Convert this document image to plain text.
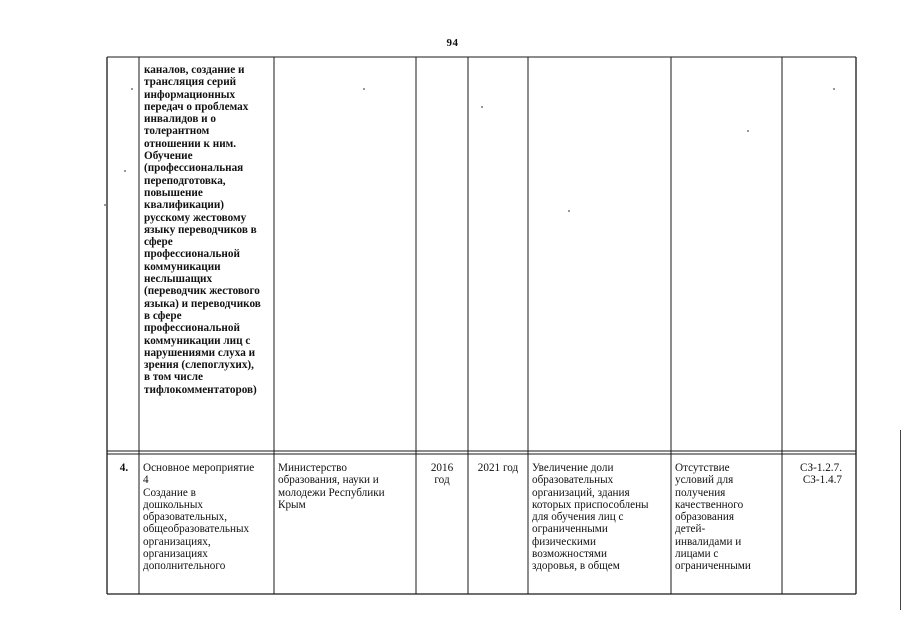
94
каналов, создание и
трансляция серий
информационных
передач о проблемах
инвалидов и о
толерантном
отношении к ним.
Обучение
(профессиональная
переподготовка,
повышение
квалификации)
русскому жестовому
языку переводчиков в
сфере
профессиональной
коммуникации
неслышащих
(переводчик жестового
языка) и переводчиков
в сфере
профессиональной
коммуникации лиц с
нарушениями слуха и
зрения (слепоглухих),
в том числе
тифлокомментаторов)
4.	Основное мероприятие
4
Создание в
дошкольных
образовательных,
общеобразовательных
организациях,
организациях
дополнительного
Министерство
образования, науки и
молодежи Республики
Крым
2016
год
2021 год	Увеличение доли
образовательных
организаций, здания
которых приспособлены
для обучения лиц с
ограниченными
физическими
возможностями
здоровья, в общем
Отсутствие
условий для
получения
качественного
образования
детей-
инвалидами и
лицами с
ограниченными
СЗ-1.2.7.
СЗ-1.4.7
